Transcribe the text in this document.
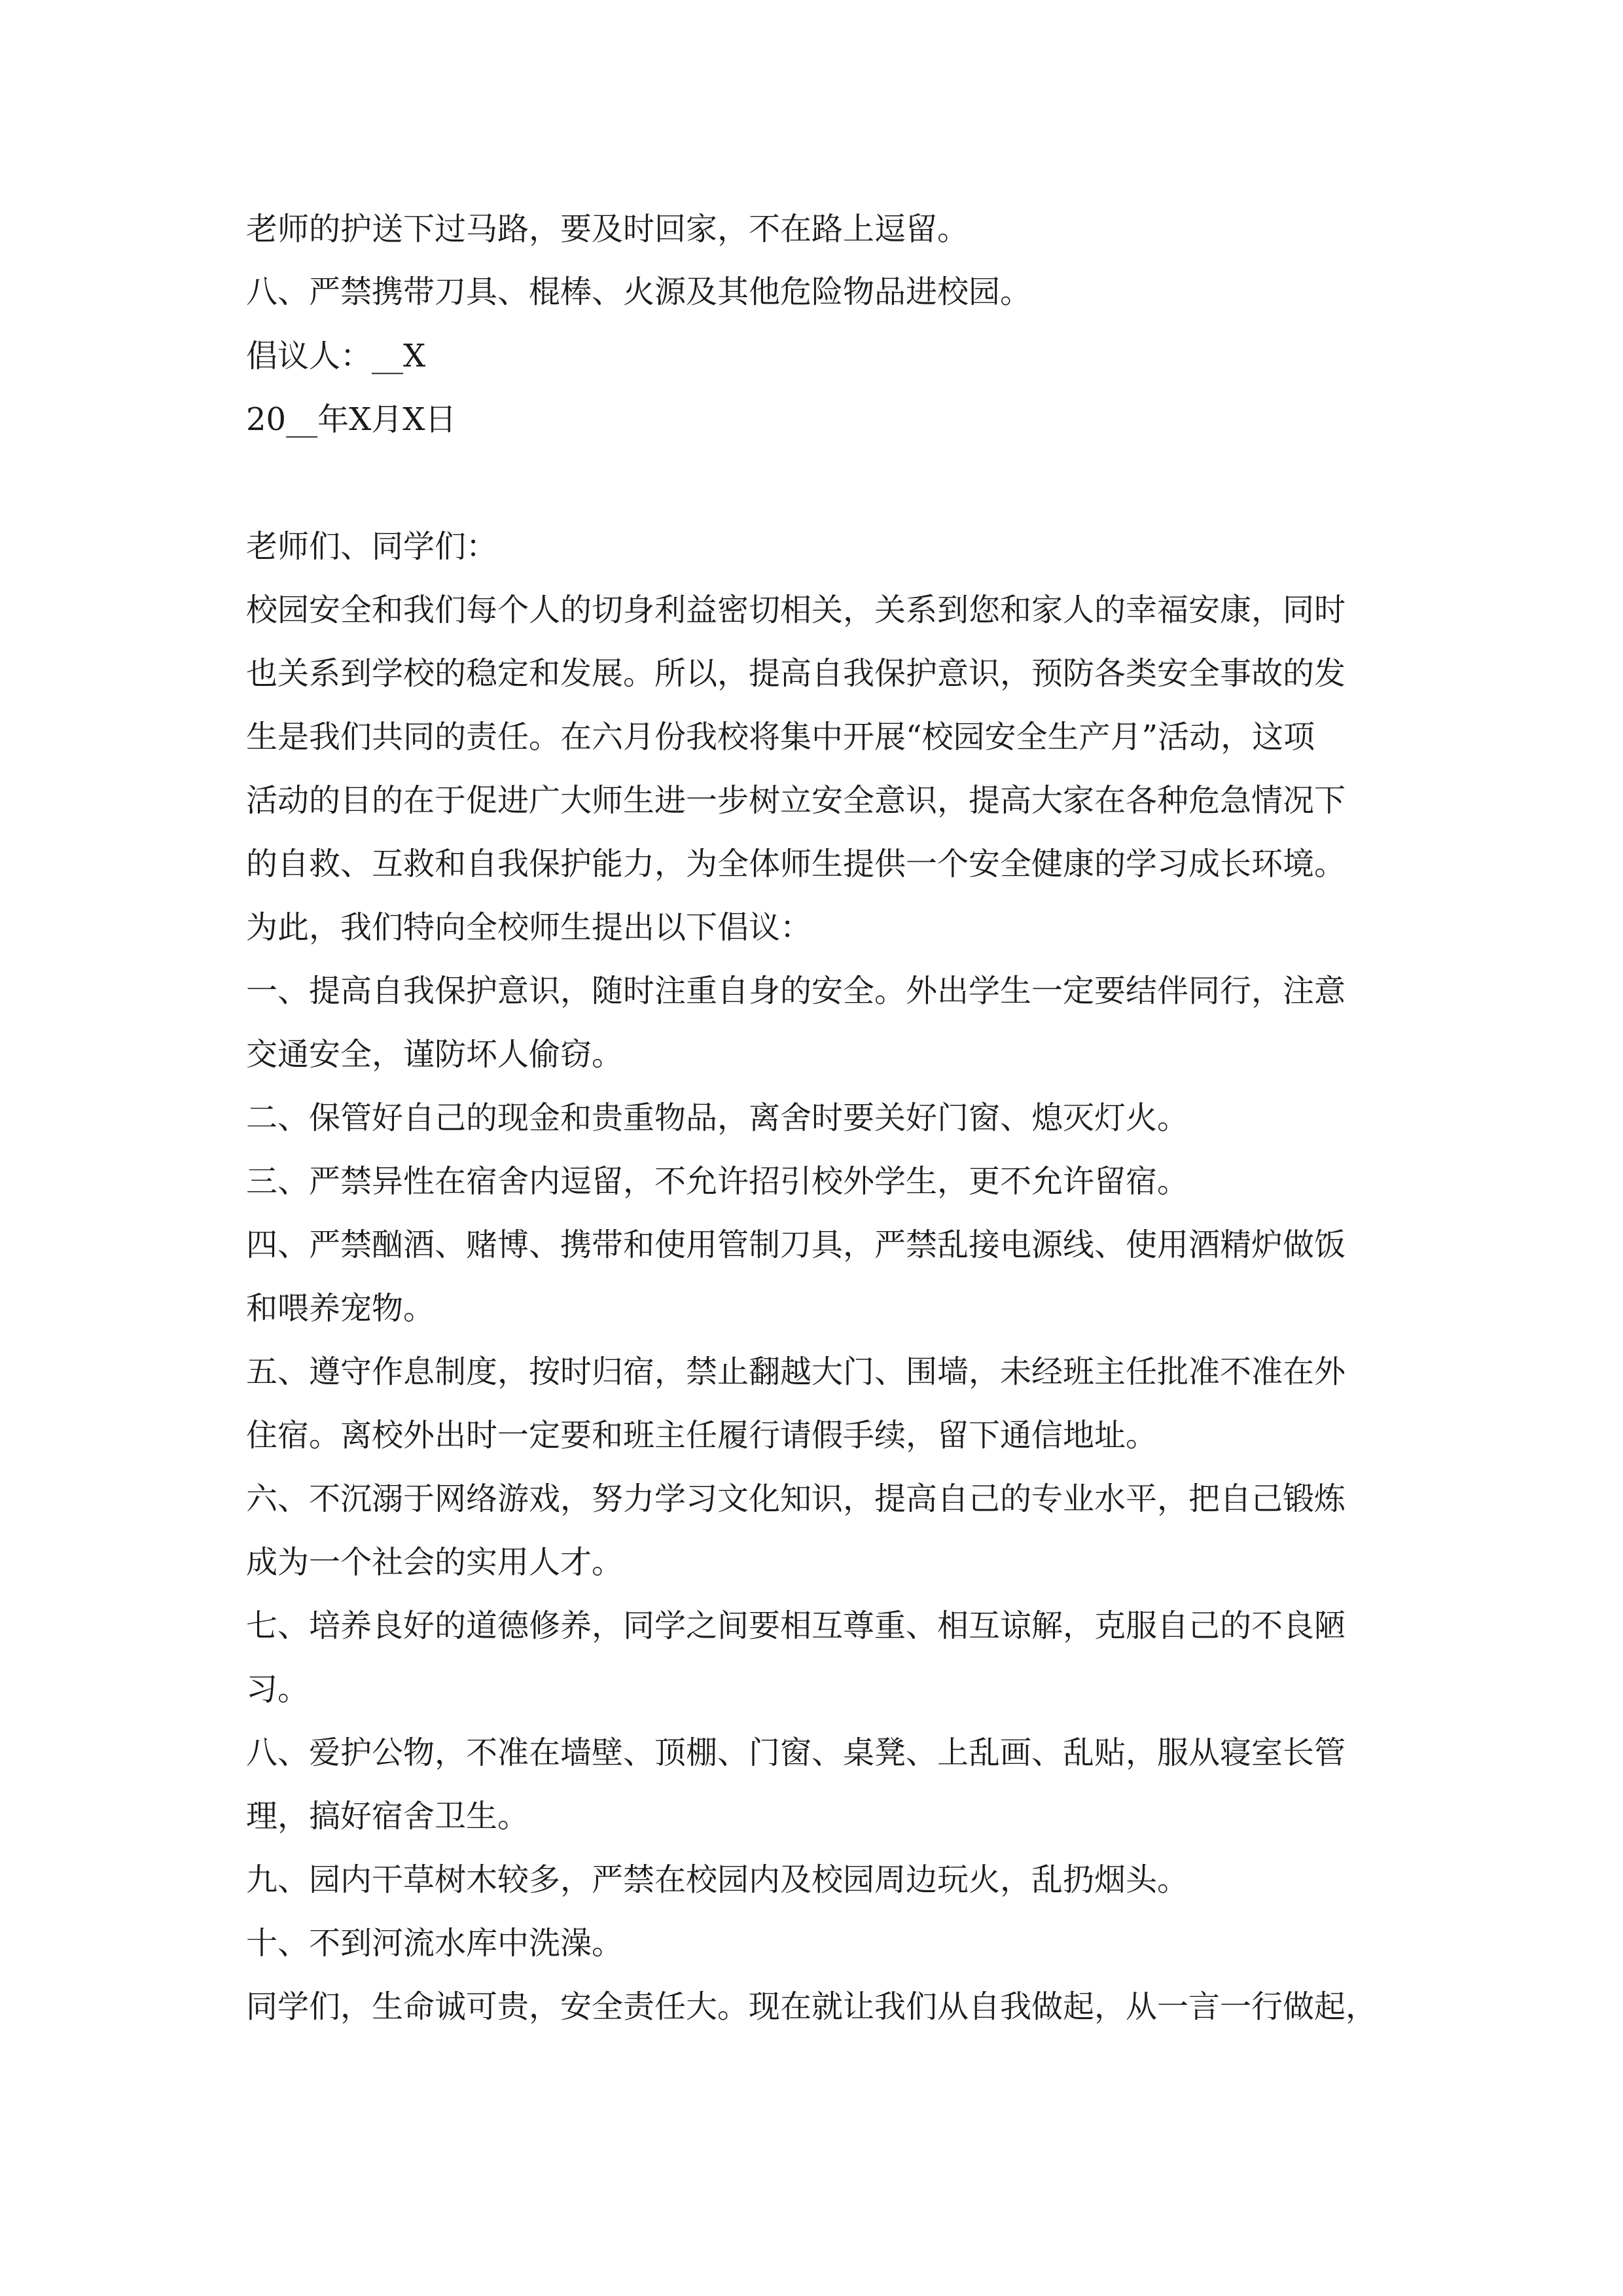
老师的护送下过马路，要及时回家，不在路上逗留。
八、严禁携带刀具、棍棒、火源及其他危险物品进校园。
倡议人：__X
20__年X月X日
老师们、同学们：
校园安全和我们每个人的切身利益密切相关，关系到您和家人的幸福安康，同时
也关系到学校的稳定和发展。所以，提高自我保护意识，预防各类安全事故的发
生是我们共同的责任。在六月份我校将集中开展“校园安全生产月”活动，这项
活动的目的在于促进广大师生进一步树立安全意识，提高大家在各种危急情况下
的自救、互救和自我保护能力，为全体师生提供一个安全健康的学习成长环境。
为此，我们特向全校师生提出以下倡议：
一、提高自我保护意识，随时注重自身的安全。外出学生一定要结伴同行，注意
交通安全，谨防坏人偷窃。
二、保管好自己的现金和贵重物品，离舍时要关好门窗、熄灭灯火。
三、严禁异性在宿舍内逗留，不允许招引校外学生，更不允许留宿。
四、严禁酗酒、赌博、携带和使用管制刀具，严禁乱接电源线、使用酒精炉做饭
和喂养宠物。
五、遵守作息制度，按时归宿，禁止翻越大门、围墙，未经班主任批准不准在外
住宿。离校外出时一定要和班主任履行请假手续，留下通信地址。
六、不沉溺于网络游戏，努力学习文化知识，提高自己的专业水平，把自己锻炼
成为一个社会的实用人才。
七、培养良好的道德修养，同学之间要相互尊重、相互谅解，克服自己的不良陋
习。
八、爱护公物，不准在墙壁、顶棚、门窗、桌凳、上乱画、乱贴，服从寝室长管
理，搞好宿舍卫生。
九、园内干草树木较多，严禁在校园内及校园周边玩火，乱扔烟头。
十、不到河流水库中洗澡。
同学们，生命诚可贵，安全责任大。现在就让我们从自我做起，从一言一行做起，
